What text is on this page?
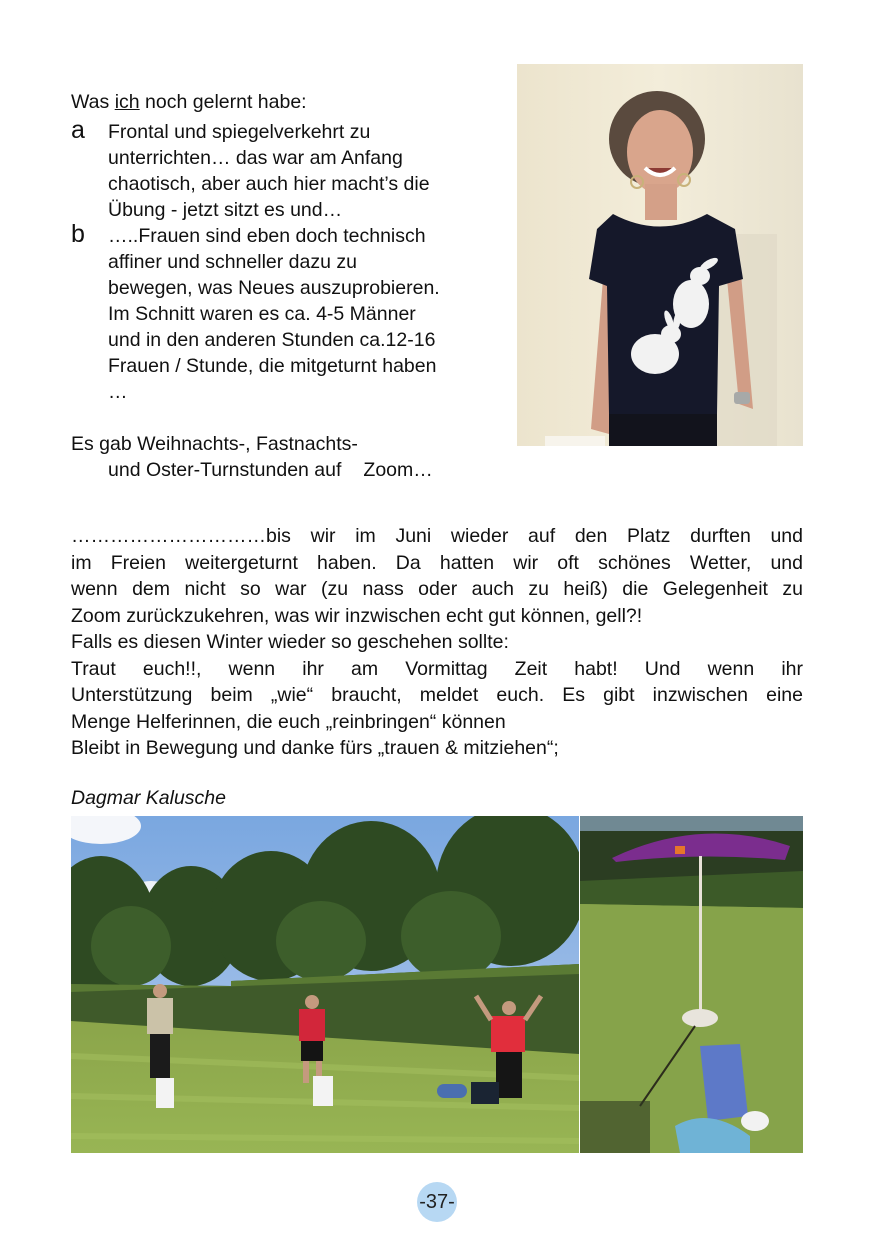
Was ich noch gelernt habe:

a Frontal und spiegelverkehrt zu
unterrichten… das war am Anfang
chaotisch, aber auch hier macht’s die
Übung - jetzt sitzt es und…
b …..Frauen sind eben doch technisch
affiner und schneller dazu zu
bewegen, was Neues auszuprobieren.
Im Schnitt waren es ca. 4-5 Männer
und in den anderen Stunden ca.12-16
Frauen / Stunde, die mitgeturnt haben
…
Es gab Weihnachts-, Fastnachts-
und Oster-Turnstunden auf Zoom…
…………………………bis wir im Juni wieder auf den Platz durften und
im Freien weitergeturnt haben. Da hatten wir oft schönes Wetter, und
wenn dem nicht so war (zu nass oder auch zu heiß) die Gelegenheit zu
Zoom zurückzukehren, was wir inzwischen echt gut können, gell?!
Falls es diesen Winter wieder so geschehen sollte:
Traut euch!!, wenn ihr am Vormittag Zeit habt! Und wenn ihr
Unterstützung beim „wie“ braucht, meldet euch. Es gibt inzwischen eine
Menge Helferinnen, die euch „reinbringen“ können
Bleibt in Bewegung und danke fürs „trauen & mitziehen“;
Dagmar Kalusche
-37-
